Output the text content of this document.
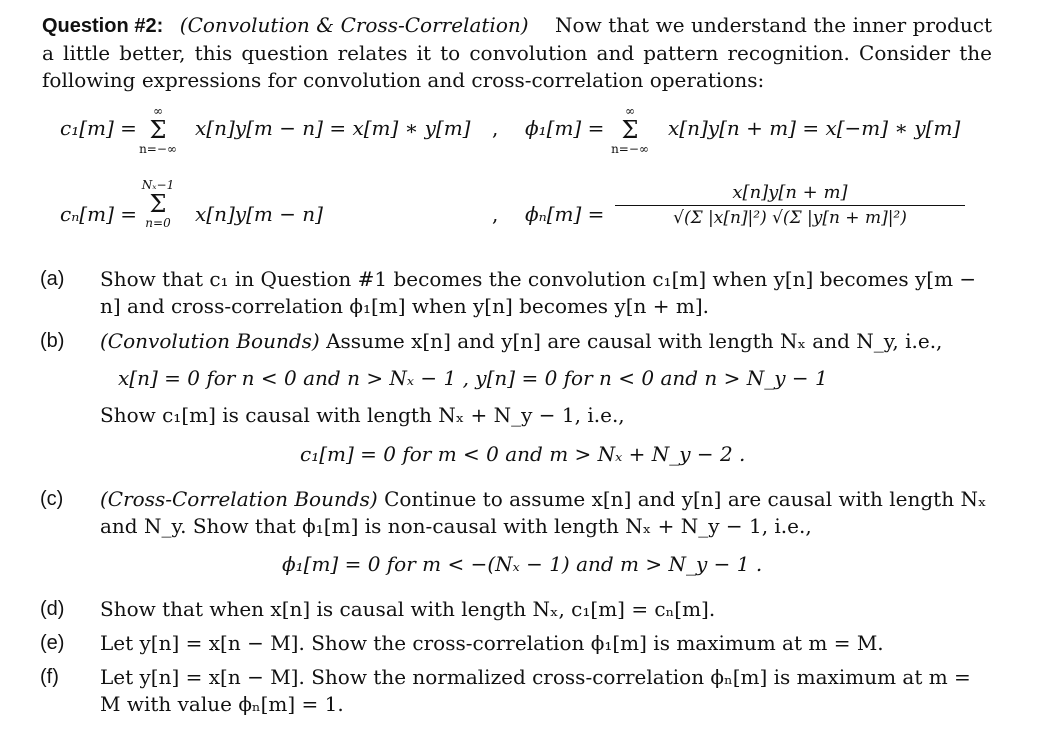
Question #2: (Convolution & Cross-Correlation) Now that we understand the inner product a little better, this question relates it to convolution and pattern recognition. Consider the following expressions for convolution and cross-correlation operations:

c₁[m] =
∞
Σ
n=−∞
x[n]y[m − n] = x[m] ∗ y[m] , ϕ₁[m] =
∞
Σ
n=−∞
x[n]y[n + m] = x[−m] ∗ y[m]
cₙ[m] =
Nₓ−1
Σ
n=0	x[n]y[m − n]	, ϕₙ[m] =
x[n]y[n + m]
√(Σ |x[n]|²) √(Σ |y[n + m]|²)
(a)	Show that c₁ in Question #1 becomes the convolution c₁[m] when y[n] becomes y[m − n] and cross-correlation ϕ₁[m] when y[n] becomes y[n + m].
(b)	(Convolution Bounds) Assume x[n] and y[n] are causal with length Nₓ and N_y, i.e.,
x[n] = 0 for n < 0 and n > Nₓ − 1 , y[n] = 0 for n < 0 and n > N_y − 1
Show c₁[m] is causal with length Nₓ + N_y − 1, i.e.,
c₁[m] = 0 for m < 0 and m > Nₓ + N_y − 2 .
(c)	(Cross-Correlation Bounds) Continue to assume x[n] and y[n] are causal with length Nₓ and N_y. Show that ϕ₁[m] is non-causal with length Nₓ + N_y − 1, i.e.,
ϕ₁[m] = 0 for m < −(Nₓ − 1) and m > N_y − 1 .
(d)	Show that when x[n] is causal with length Nₓ, c₁[m] = cₙ[m].
(e)	Let y[n] = x[n − M]. Show the cross-correlation ϕ₁[m] is maximum at m = M.
(f)	Let y[n] = x[n − M]. Show the normalized cross-correlation ϕₙ[m] is maximum at m = M with value ϕₙ[m] = 1.
